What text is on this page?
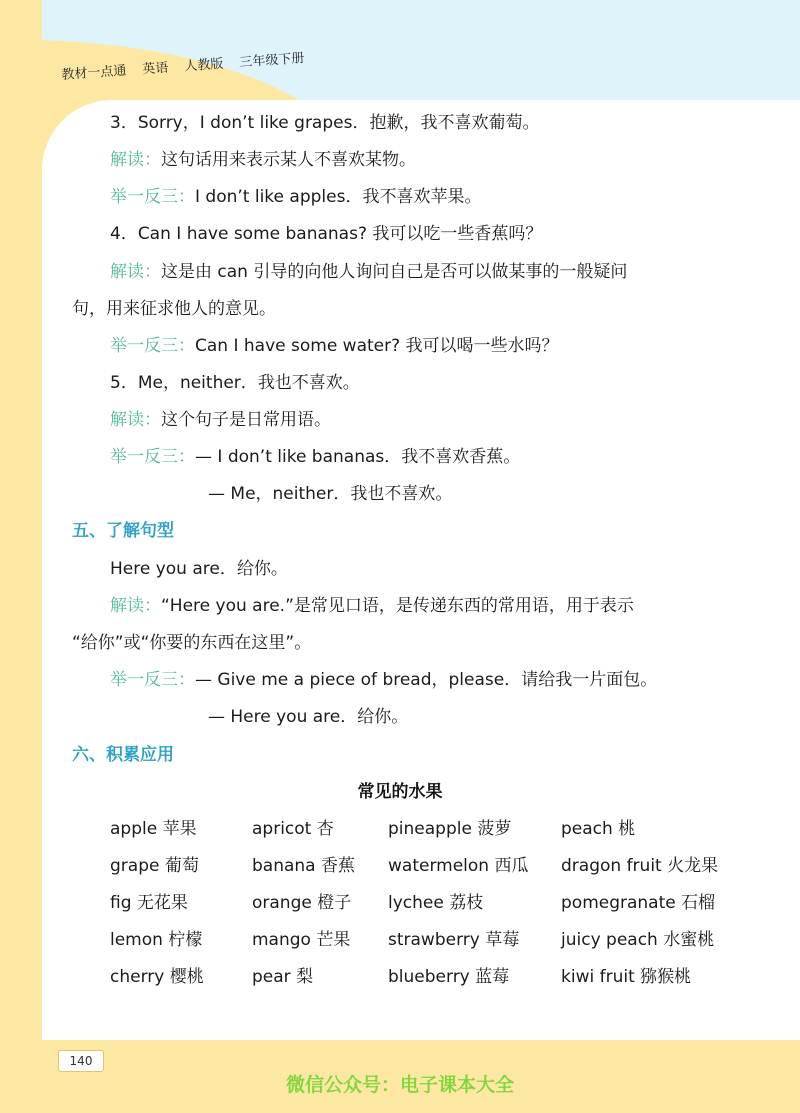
教材一点通 英语 人教版 三年级下册
3．Sorry，I don’t like grapes．抱歉，我不喜欢葡萄。
解读：这句话用来表示某人不喜欢某物。
举一反三：I don’t like apples．我不喜欢苹果。
4．Can I have some bananas? 我可以吃一些香蕉吗？
解读：这是由 can 引导的向他人询问自己是否可以做某事的一般疑问
句，用来征求他人的意见。
举一反三：Can I have some water? 我可以喝一些水吗？
5．Me，neither．我也不喜欢。
解读：这个句子是日常用语。
举一反三：— I don’t like bananas．我不喜欢香蕉。
— Me，neither．我也不喜欢。
五、了解句型
Here you are．给你。
解读：“Here you are.”是常见口语，是传递东西的常用语，用于表示
“给你”或“你要的东西在这里”。
举一反三：— Give me a piece of bread，please．请给我一片面包。
— Here you are．给你。
六、积累应用
常见的水果
apple 苹果	apricot 杏	pineapple 菠萝	peach 桃
grape 葡萄	banana 香蕉 watermelon 西瓜 dragon fruit 火龙果
fig 无花果	orange 橙子 lychee 荔枝	pomegranate 石榴
lemon 柠檬	mango 芒果 strawberry 草莓 juicy peach 水蜜桃
cherry 樱桃	pear 梨	blueberry 蓝莓	kiwi fruit 猕猴桃
140
微信公众号：电子课本大全
